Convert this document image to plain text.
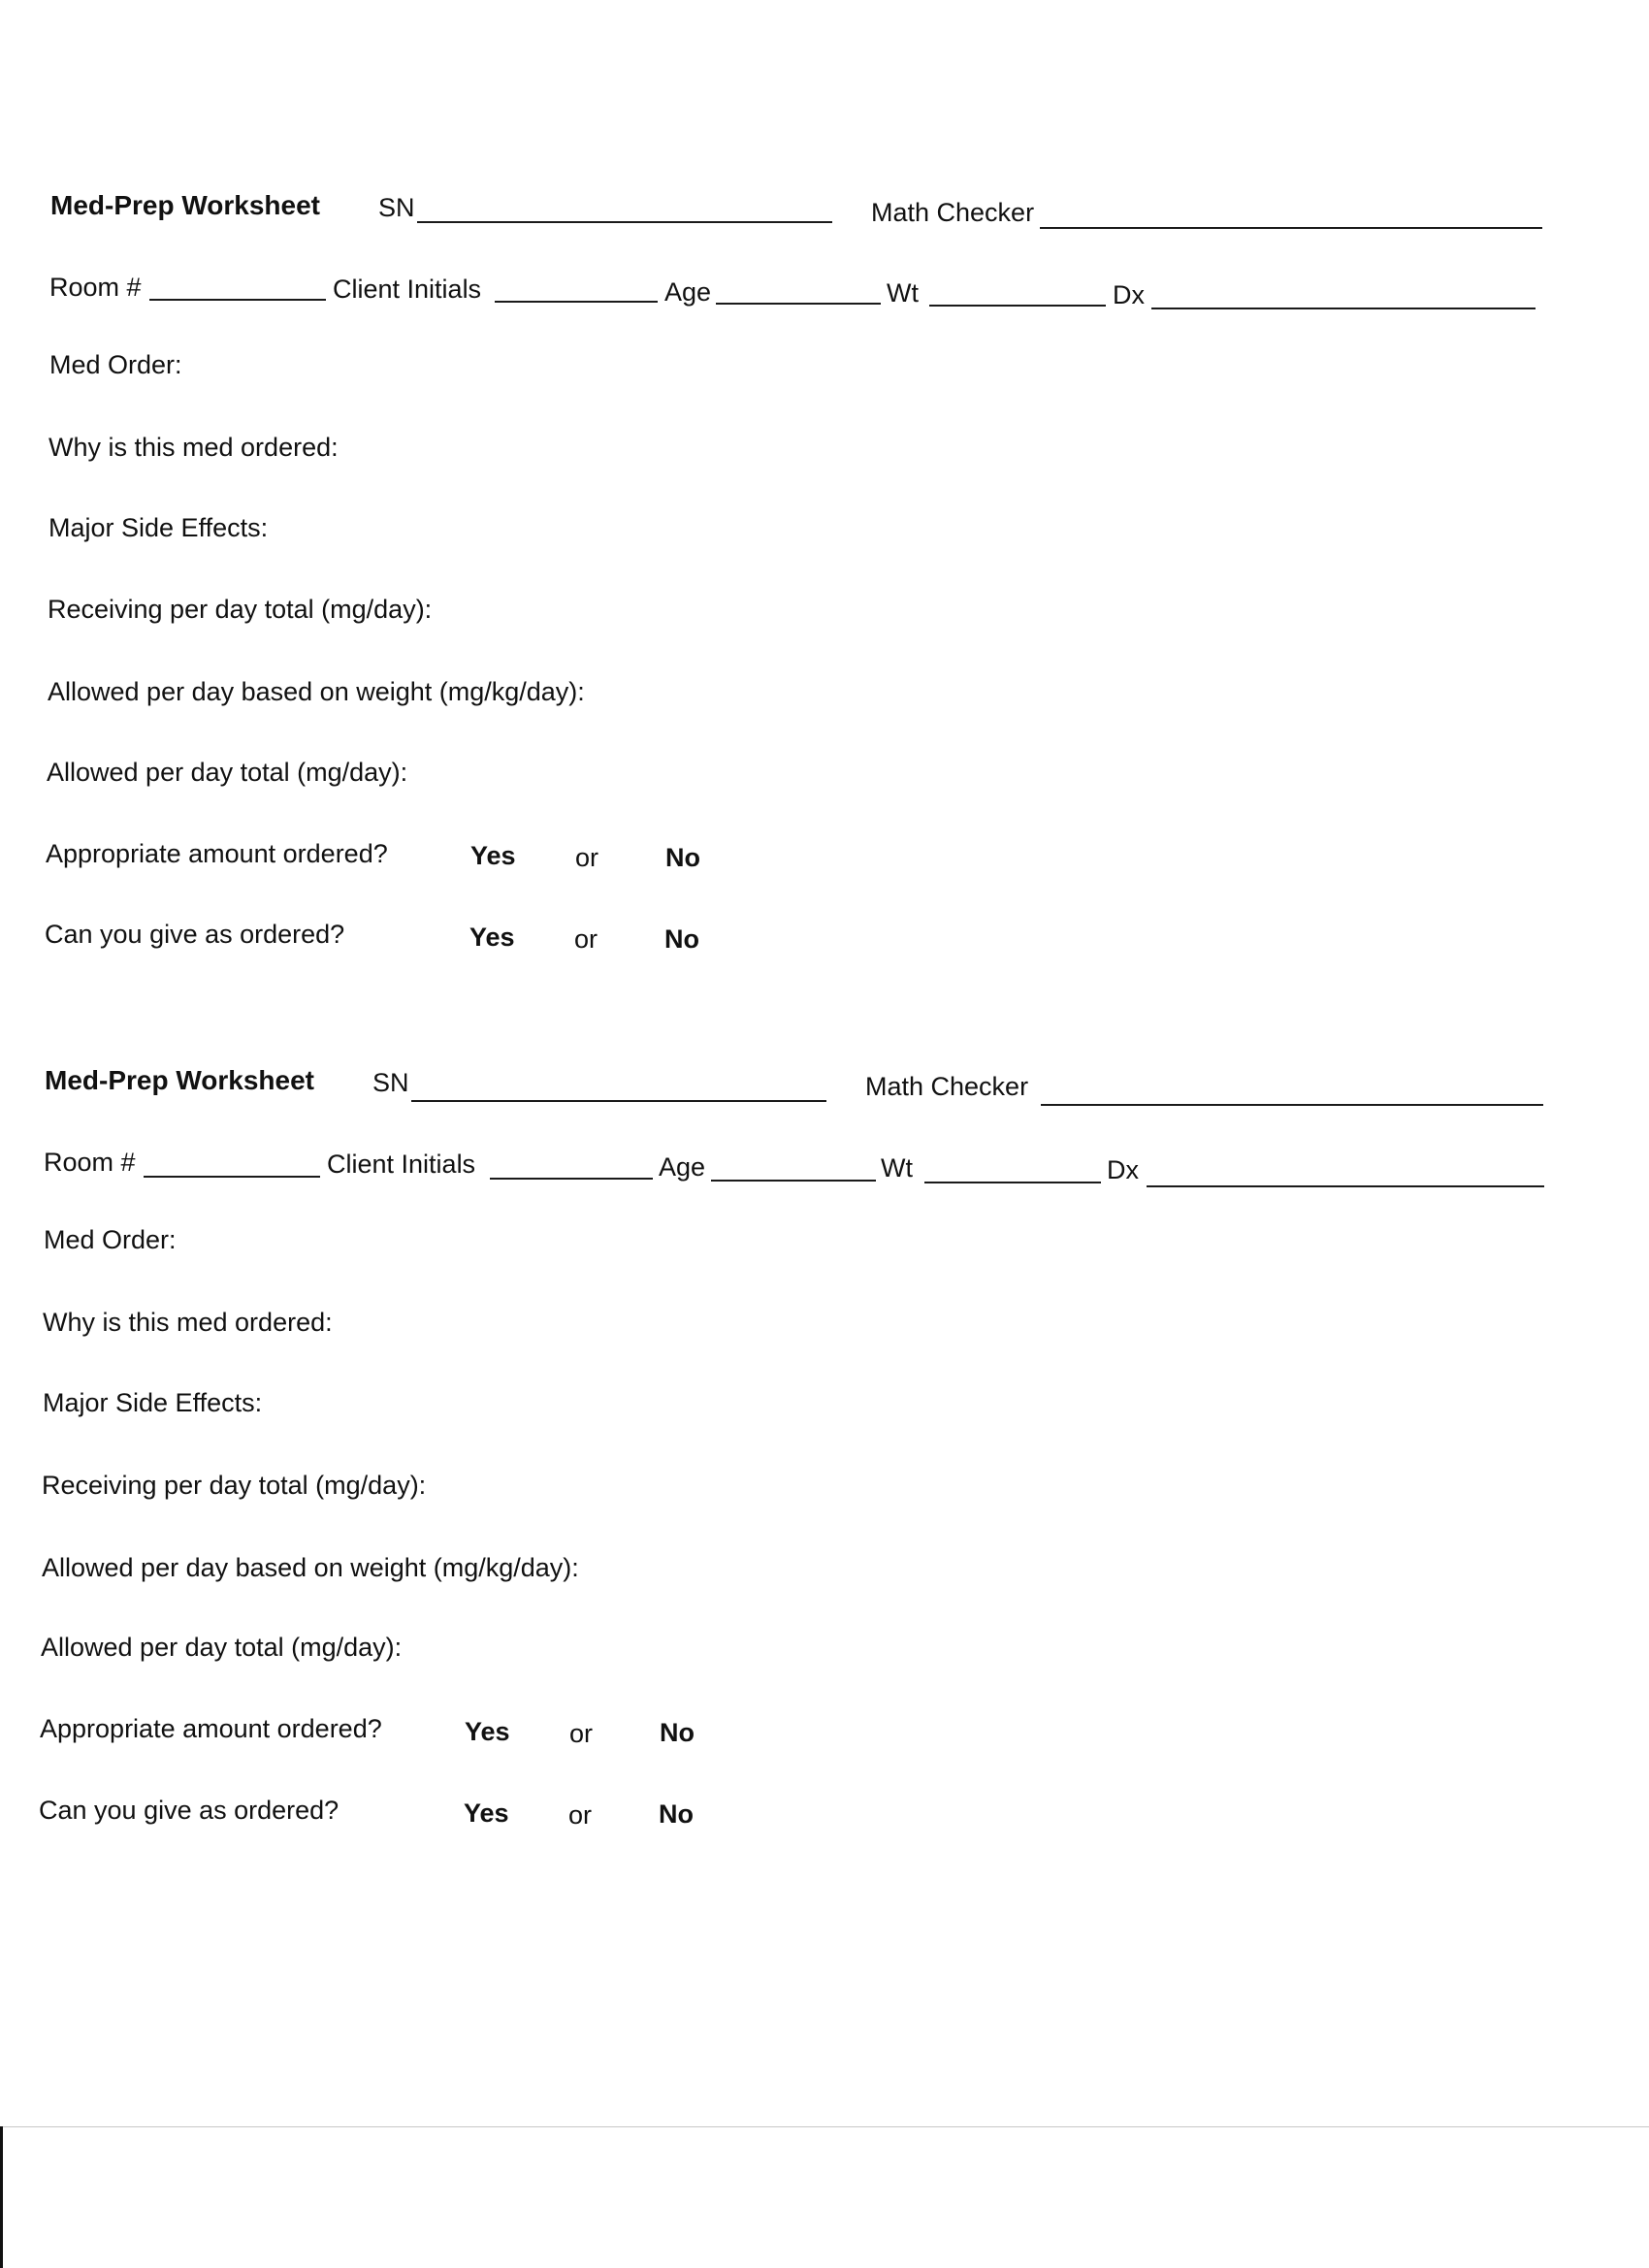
Med-Prep Worksheet SN	Math Checker
Room #	Client Initials	Age	Wt	Dx
Med Order:
Why is this med ordered:
Major Side Effects:
Receiving per day total (mg/day):
Allowed per day based on weight (mg/kg/day):
Allowed per day total (mg/day):
Appropriate amount ordered?	Yes or	No
Can you give as ordered?	Yes or	No
Med-Prep Worksheet SN	Math Checker
Room #	Client Initials	Age	Wt	Dx
Med Order:
Why is this med ordered:
Major Side Effects:
Receiving per day total (mg/day):
Allowed per day based on weight (mg/kg/day):
Allowed per day total (mg/day):
Appropriate amount ordered?	Yes or	No
Can you give as ordered?	Yes or	No
